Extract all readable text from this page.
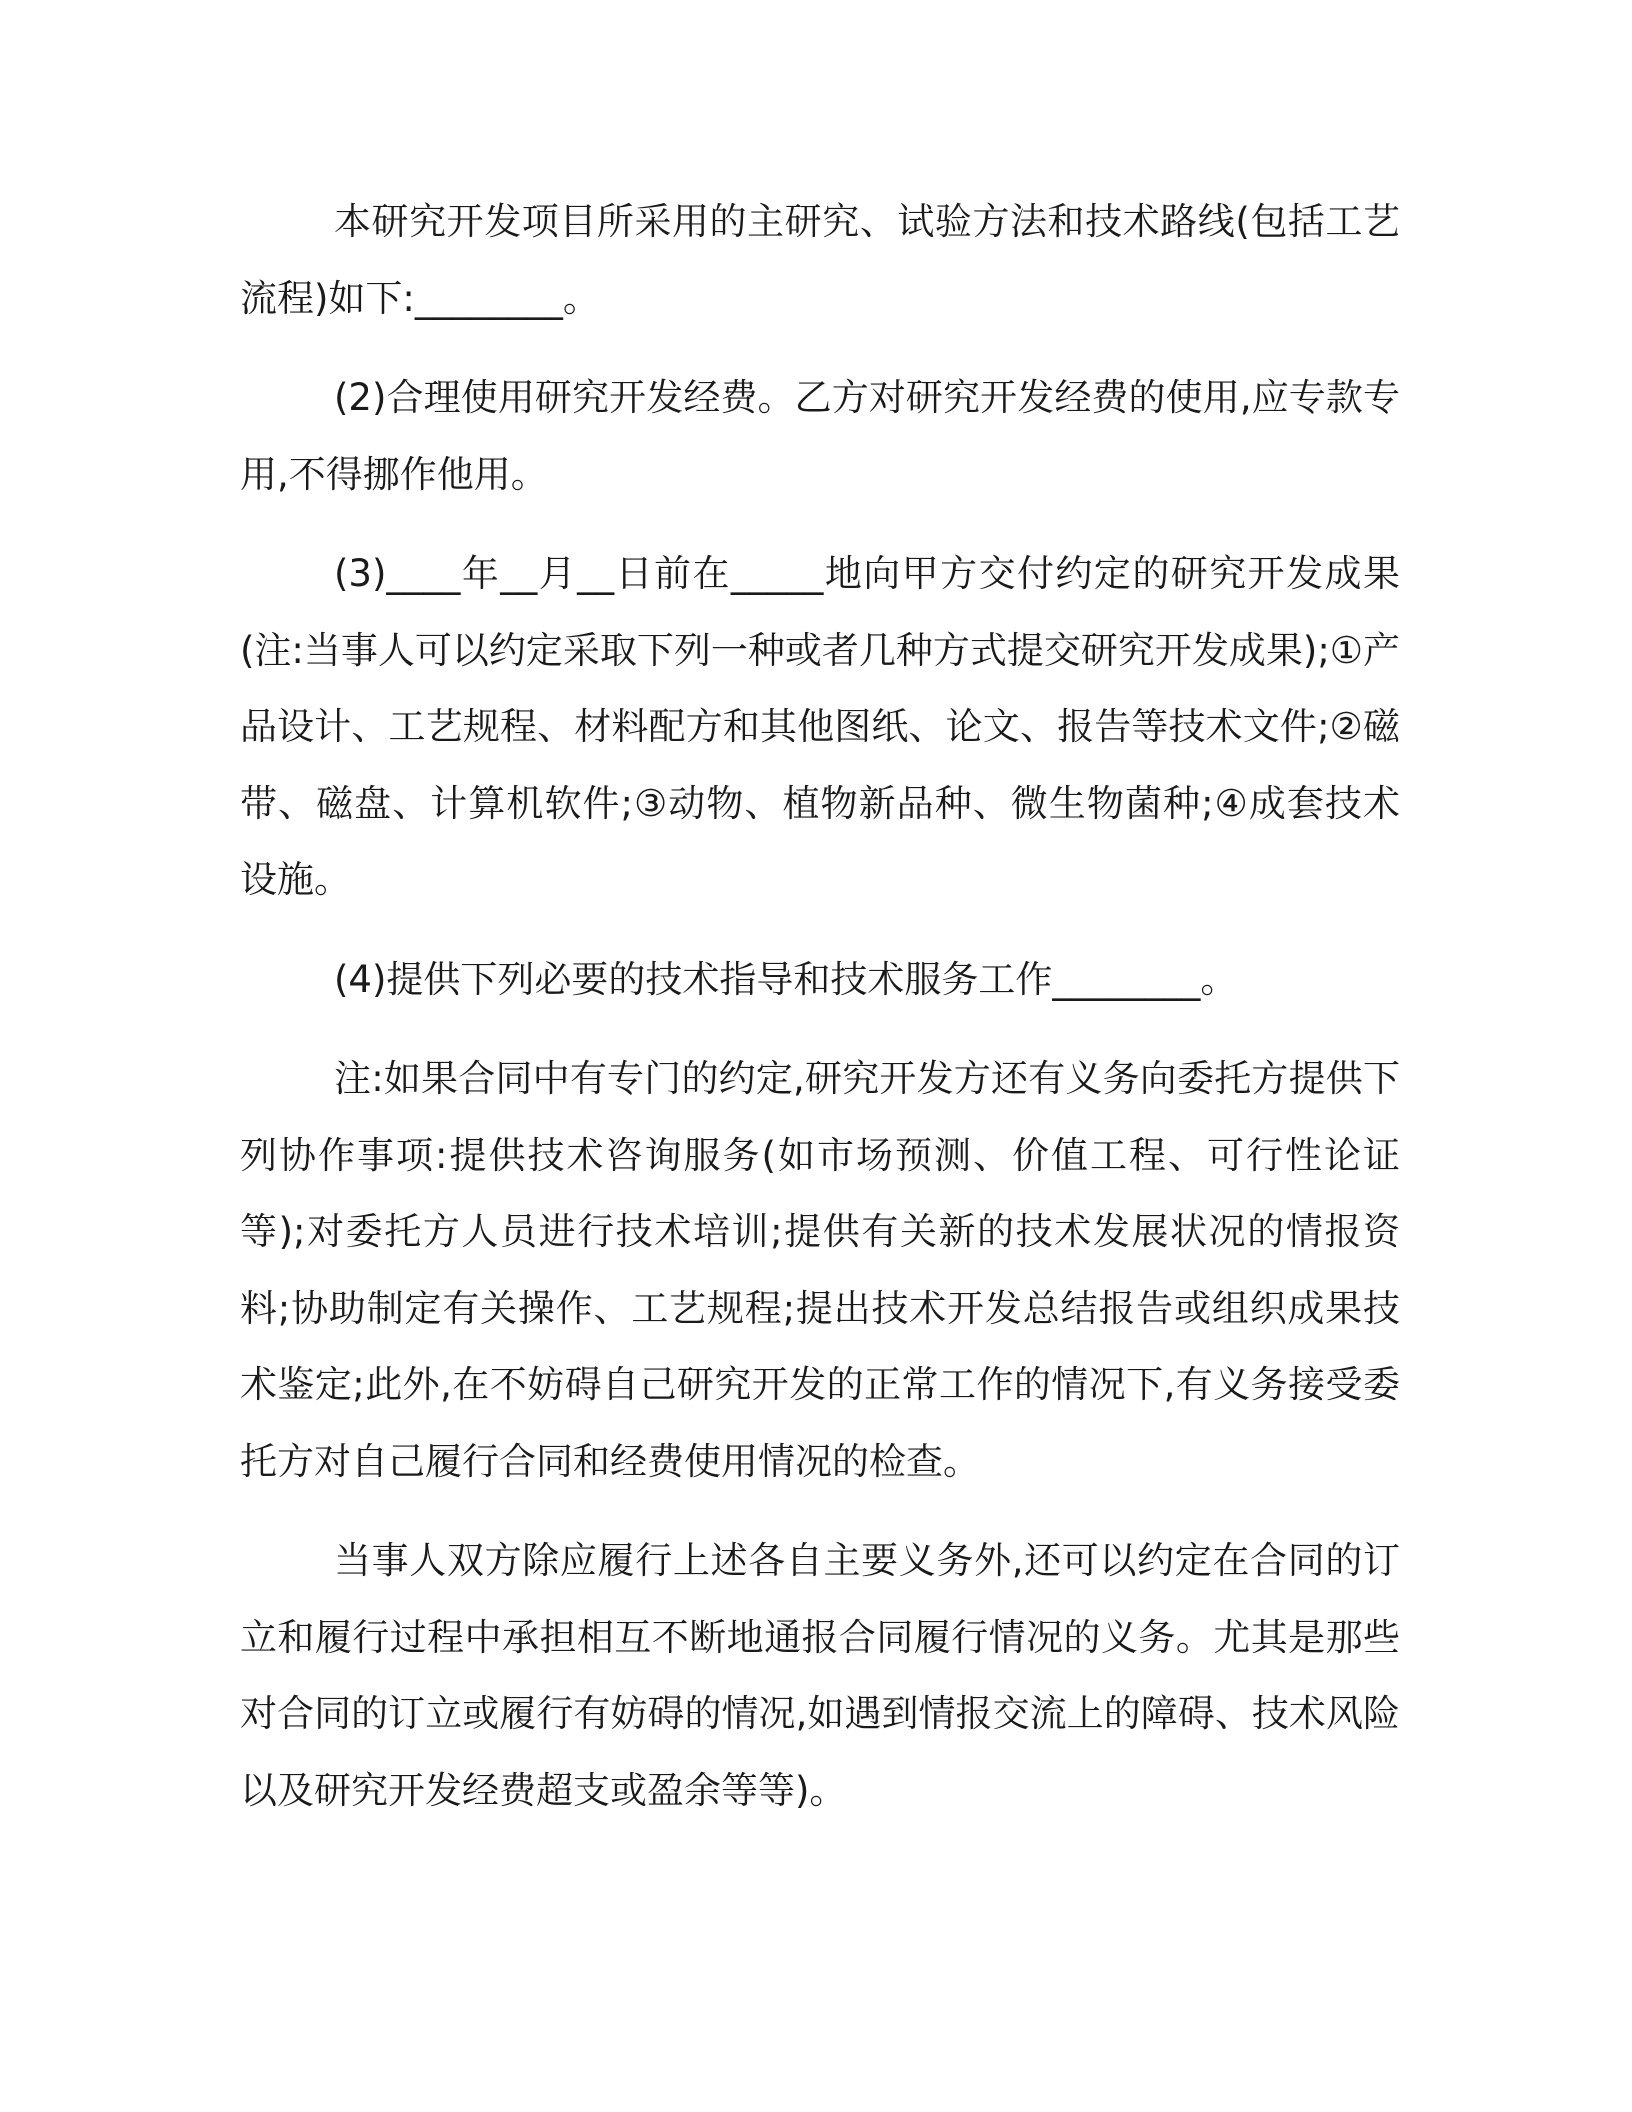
本研究开发项目所采用的主研究、试验方法和技术路线(包括工艺流程)如下:________。

(2)合理使用研究开发经费。乙方对研究开发经费的使用,应专款专用,不得挪作他用。

(3)____年__月__日前在_____地向甲方交付约定的研究开发成果(注:当事人可以约定采取下列一种或者几种方式提交研究开发成果);①产品设计、工艺规程、材料配方和其他图纸、论文、报告等技术文件;②磁带、磁盘、计算机软件;③动物、植物新品种、微生物菌种;④成套技术设施。

(4)提供下列必要的技术指导和技术服务工作________。

注:如果合同中有专门的约定,研究开发方还有义务向委托方提供下列协作事项:提供技术咨询服务(如市场预测、价值工程、可行性论证等);对委托方人员进行技术培训;提供有关新的技术发展状况的情报资料;协助制定有关操作、工艺规程;提出技术开发总结报告或组织成果技术鉴定;此外,在不妨碍自己研究开发的正常工作的情况下,有义务接受委托方对自己履行合同和经费使用情况的检查。

当事人双方除应履行上述各自主要义务外,还可以约定在合同的订立和履行过程中承担相互不断地通报合同履行情况的义务。尤其是那些对合同的订立或履行有妨碍的情况,如遇到情报交流上的障碍、技术风险以及研究开发经费超支或盈余等等)。
